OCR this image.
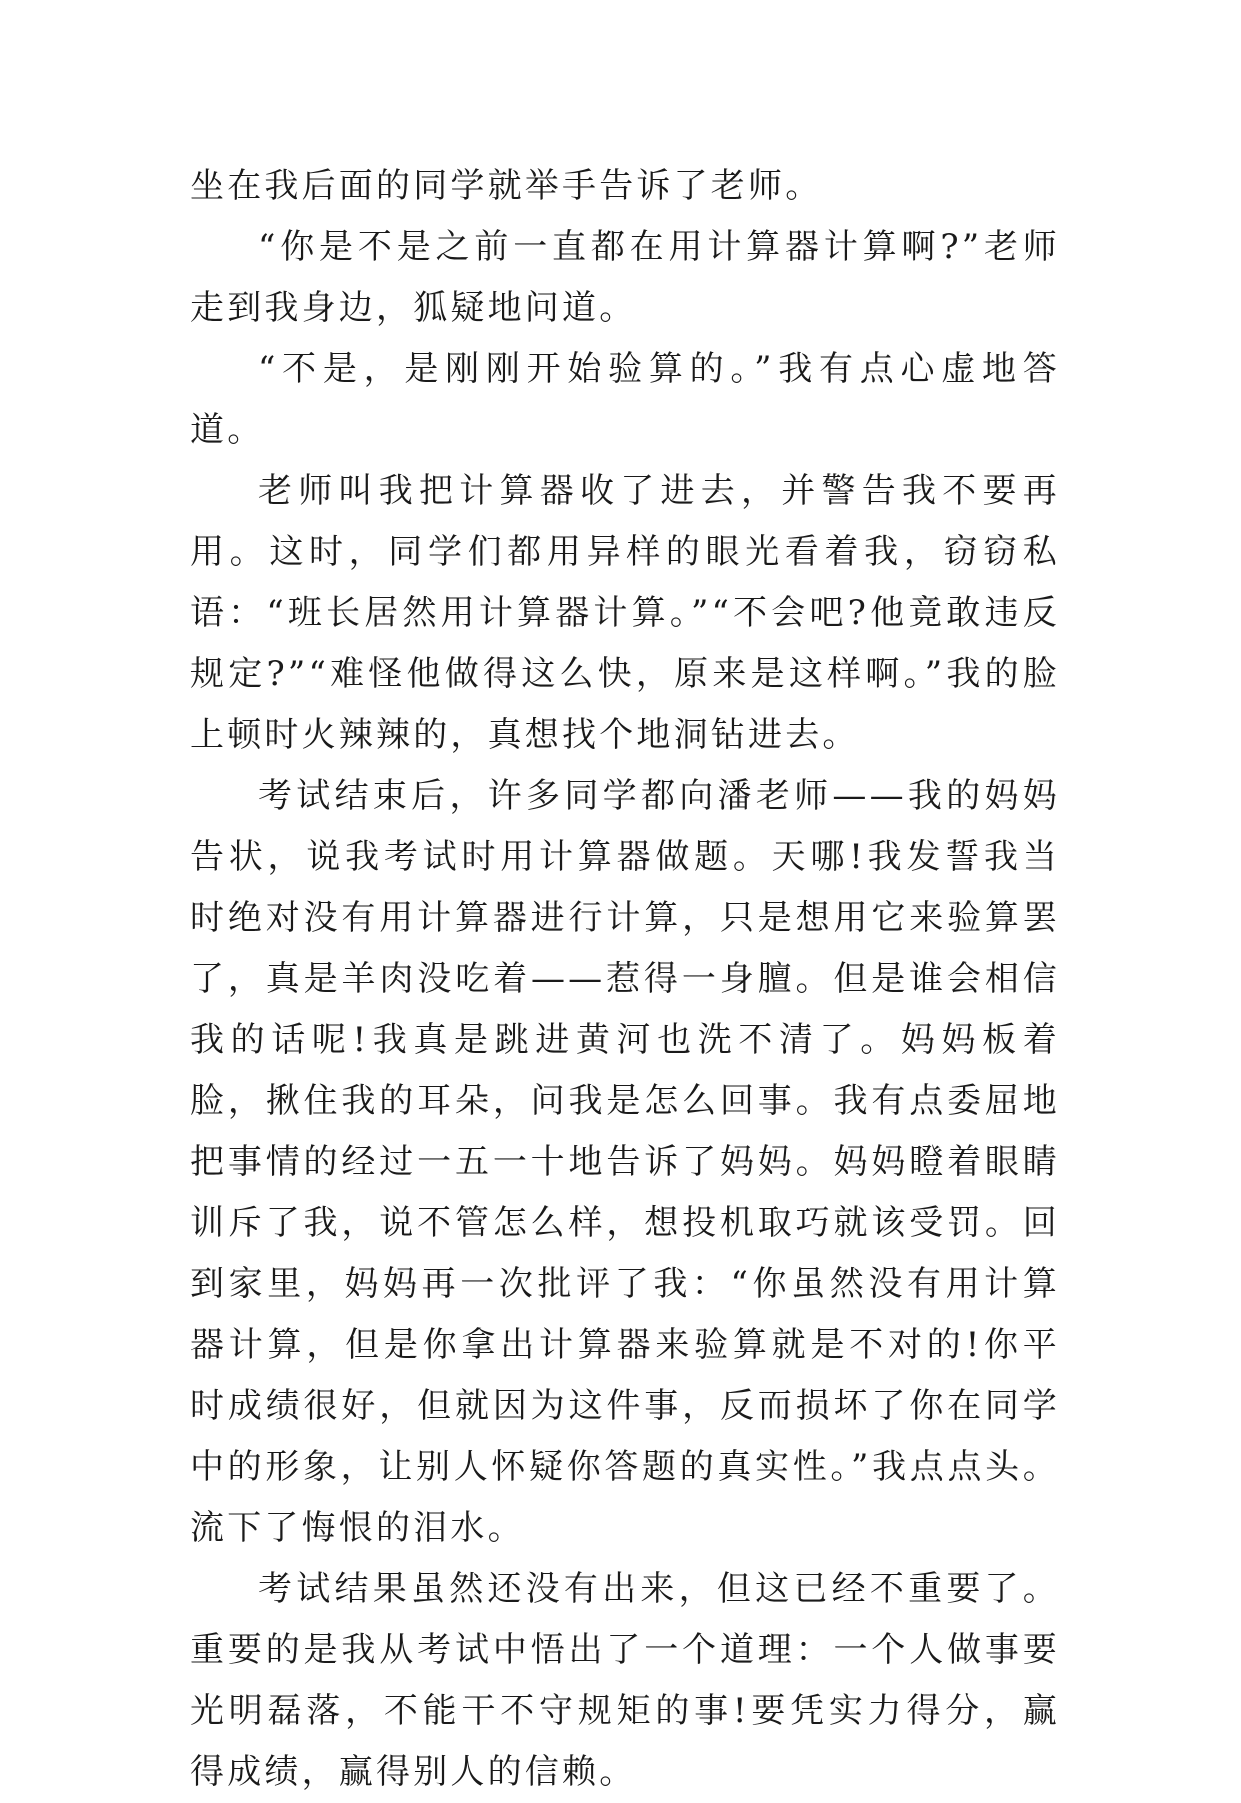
坐在我后面的同学就举手告诉了老师。

“你是不是之前一直都在用计算器计算啊?”老师走到我身边，狐疑地问道。

“不是，是刚刚开始验算的。”我有点心虚地答道。

老师叫我把计算器收了进去，并警告我不要再用。这时，同学们都用异样的眼光看着我，窃窃私语：“班长居然用计算器计算。”“不会吧?他竟敢违反规定?”“难怪他做得这么快，原来是这样啊。”我的脸上顿时火辣辣的，真想找个地洞钻进去。

考试结束后，许多同学都向潘老师——我的妈妈告状，说我考试时用计算器做题。天哪!我发誓我当时绝对没有用计算器进行计算，只是想用它来验算罢了，真是羊肉没吃着——惹得一身膻。但是谁会相信我的话呢!我真是跳进黄河也洗不清了。妈妈板着脸，揪住我的耳朵，问我是怎么回事。我有点委屈地把事情的经过一五一十地告诉了妈妈。妈妈瞪着眼睛训斥了我，说不管怎么样，想投机取巧就该受罚。回到家里，妈妈再一次批评了我：“你虽然没有用计算器计算，但是你拿出计算器来验算就是不对的!你平时成绩很好，但就因为这件事，反而损坏了你在同学中的形象，让别人怀疑你答题的真实性。”我点点头。流下了悔恨的泪水。

考试结果虽然还没有出来，但这已经不重要了。重要的是我从考试中悟出了一个道理：一个人做事要光明磊落，不能干不守规矩的事!要凭实力得分，赢得成绩，赢得别人的信赖。
